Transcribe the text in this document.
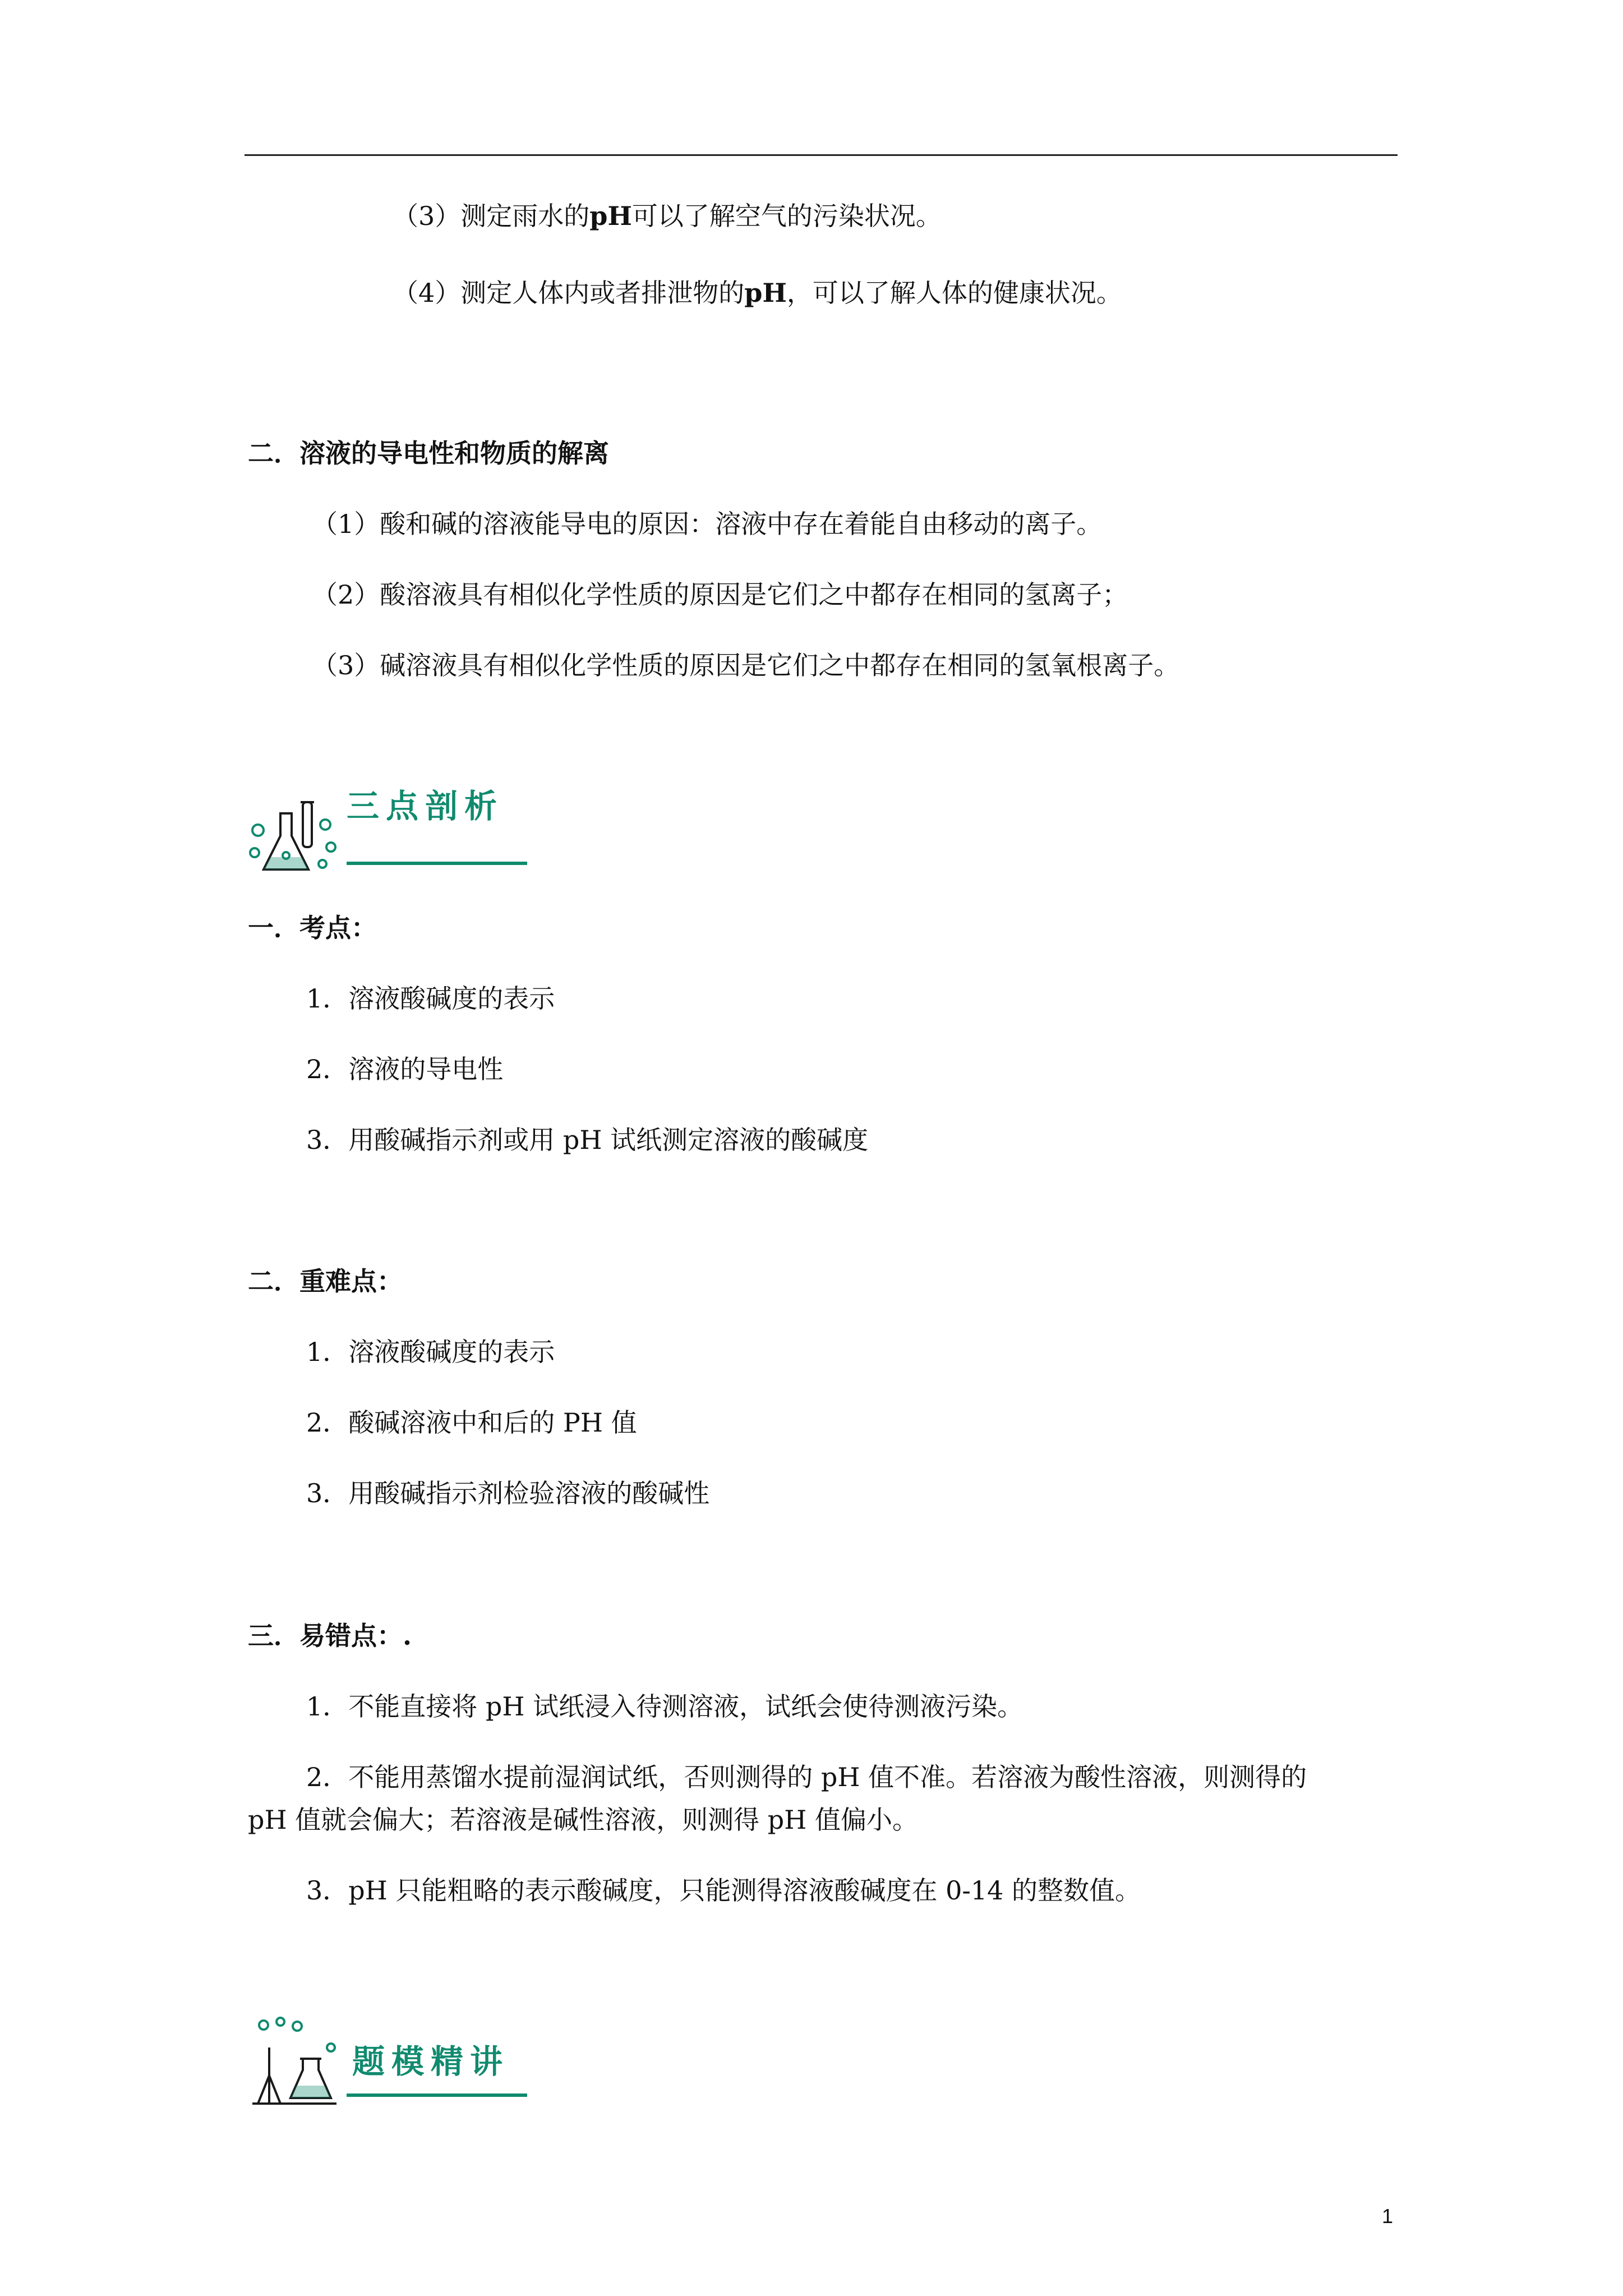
（3）测定雨水的pH可以了解空气的污染状况。
（4）测定人体内或者排泄物的pH，可以了解人体的健康状况。
二．溶液的导电性和物质的解离
（1）酸和碱的溶液能导电的原因：溶液中存在着能自由移动的离子。
（2）酸溶液具有相似化学性质的原因是它们之中都存在相同的氢离子；
（3）碱溶液具有相似化学性质的原因是它们之中都存在相同的氢氧根离子。
三点剖析
一．考点：
1．溶液酸碱度的表示
2．溶液的导电性
3．用酸碱指示剂或用 pH 试纸测定溶液的酸碱度
二．重难点：
1．溶液酸碱度的表示
2．酸碱溶液中和后的 PH 值
3．用酸碱指示剂检验溶液的酸碱性
三．易错点：.
1．不能直接将 pH 试纸浸入待测溶液，试纸会使待测液污染。
2．不能用蒸馏水提前湿润试纸，否则测得的 pH 值不准。若溶液为酸性溶液，则测得的
pH 值就会偏大；若溶液是碱性溶液，则测得 pH 值偏小。
3．pH 只能粗略的表示酸碱度，只能测得溶液酸碱度在 0-14 的整数值。
题模精讲
1
